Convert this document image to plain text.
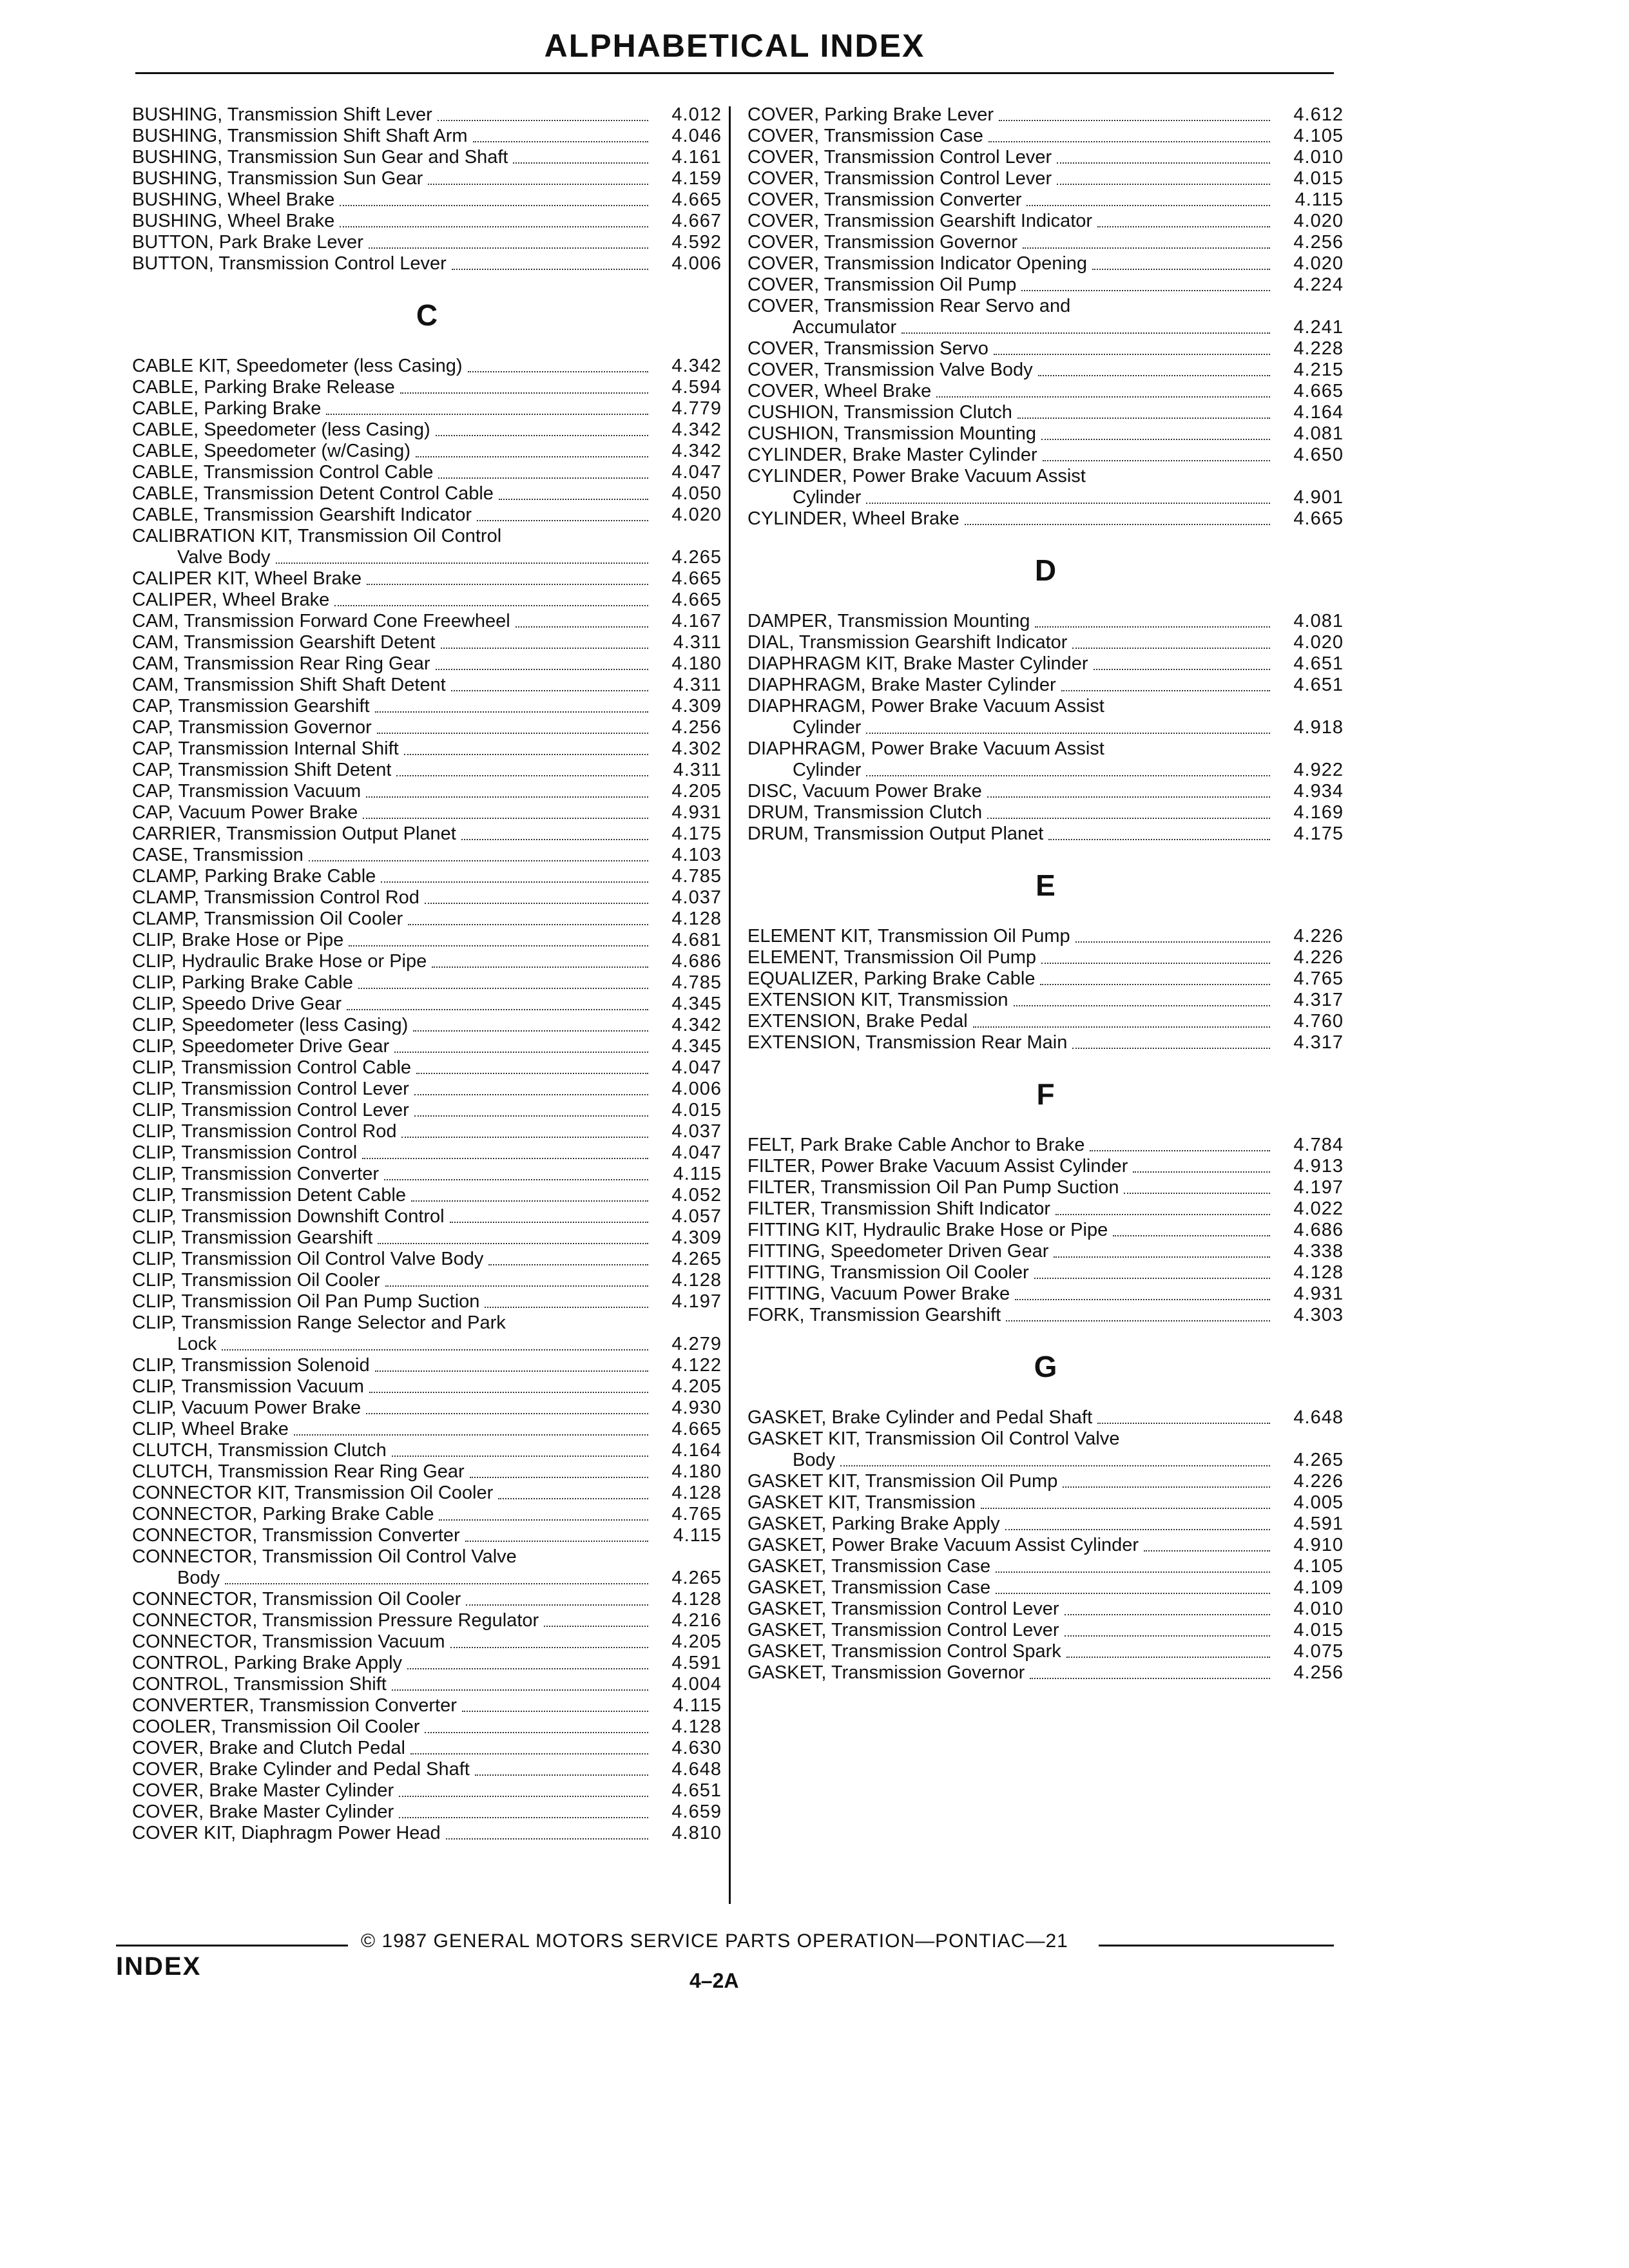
ALPHABETICAL INDEX
BUSHING, Transmission Shift Lever	4.012
BUSHING, Transmission Shift Shaft Arm	4.046
BUSHING, Transmission Sun Gear and Shaft	4.161
BUSHING, Transmission Sun Gear	4.159
BUSHING, Wheel Brake	4.665
BUSHING, Wheel Brake	4.667
BUTTON, Park Brake Lever	4.592
BUTTON, Transmission Control Lever	4.006
C
CABLE KIT, Speedometer (less Casing)	4.342
CABLE, Parking Brake Release	4.594
CABLE, Parking Brake	4.779
CABLE, Speedometer (less Casing)	4.342
CABLE, Speedometer (w/Casing)	4.342
CABLE, Transmission Control Cable	4.047
CABLE, Transmission Detent Control Cable	4.050
CABLE, Transmission Gearshift Indicator	4.020
CALIBRATION KIT, Transmission Oil Control
Valve Body	4.265
CALIPER KIT, Wheel Brake	4.665
CALIPER, Wheel Brake	4.665
CAM, Transmission Forward Cone Freewheel	4.167
CAM, Transmission Gearshift Detent	4.311
CAM, Transmission Rear Ring Gear	4.180
CAM, Transmission Shift Shaft Detent	4.311
CAP, Transmission Gearshift	4.309
CAP, Transmission Governor	4.256
CAP, Transmission Internal Shift	4.302
CAP, Transmission Shift Detent	4.311
CAP, Transmission Vacuum	4.205
CAP, Vacuum Power Brake	4.931
CARRIER, Transmission Output Planet	4.175
CASE, Transmission	4.103
CLAMP, Parking Brake Cable	4.785
CLAMP, Transmission Control Rod	4.037
CLAMP, Transmission Oil Cooler	4.128
CLIP, Brake Hose or Pipe	4.681
CLIP, Hydraulic Brake Hose or Pipe	4.686
CLIP, Parking Brake Cable	4.785
CLIP, Speedo Drive Gear	4.345
CLIP, Speedometer (less Casing)	4.342
CLIP, Speedometer Drive Gear	4.345
CLIP, Transmission Control Cable	4.047
CLIP, Transmission Control Lever	4.006
CLIP, Transmission Control Lever	4.015
CLIP, Transmission Control Rod	4.037
CLIP, Transmission Control	4.047
CLIP, Transmission Converter	4.115
CLIP, Transmission Detent Cable	4.052
CLIP, Transmission Downshift Control	4.057
CLIP, Transmission Gearshift	4.309
CLIP, Transmission Oil Control Valve Body	4.265
CLIP, Transmission Oil Cooler	4.128
CLIP, Transmission Oil Pan Pump Suction	4.197
CLIP, Transmission Range Selector and Park
Lock	4.279
CLIP, Transmission Solenoid	4.122
CLIP, Transmission Vacuum	4.205
CLIP, Vacuum Power Brake	4.930
CLIP, Wheel Brake	4.665
CLUTCH, Transmission Clutch	4.164
CLUTCH, Transmission Rear Ring Gear	4.180
CONNECTOR KIT, Transmission Oil Cooler	4.128
CONNECTOR, Parking Brake Cable	4.765
CONNECTOR, Transmission Converter	4.115
CONNECTOR, Transmission Oil Control Valve
Body	4.265
CONNECTOR, Transmission Oil Cooler	4.128
CONNECTOR, Transmission Pressure Regulator	4.216
CONNECTOR, Transmission Vacuum	4.205
CONTROL, Parking Brake Apply	4.591
CONTROL, Transmission Shift	4.004
CONVERTER, Transmission Converter	4.115
COOLER, Transmission Oil Cooler	4.128
COVER, Brake and Clutch Pedal	4.630
COVER, Brake Cylinder and Pedal Shaft	4.648
COVER, Brake Master Cylinder	4.651
COVER, Brake Master Cylinder	4.659
COVER KIT, Diaphragm Power Head	4.810
COVER, Parking Brake Lever	4.612
COVER, Transmission Case	4.105
COVER, Transmission Control Lever	4.010
COVER, Transmission Control Lever	4.015
COVER, Transmission Converter	4.115
COVER, Transmission Gearshift Indicator	4.020
COVER, Transmission Governor	4.256
COVER, Transmission Indicator Opening	4.020
COVER, Transmission Oil Pump	4.224
COVER, Transmission Rear Servo and
Accumulator	4.241
COVER, Transmission Servo	4.228
COVER, Transmission Valve Body	4.215
COVER, Wheel Brake	4.665
CUSHION, Transmission Clutch	4.164
CUSHION, Transmission Mounting	4.081
CYLINDER, Brake Master Cylinder	4.650
CYLINDER, Power Brake Vacuum Assist
Cylinder	4.901
CYLINDER, Wheel Brake	4.665
D
DAMPER, Transmission Mounting	4.081
DIAL, Transmission Gearshift Indicator	4.020
DIAPHRAGM KIT, Brake Master Cylinder	4.651
DIAPHRAGM, Brake Master Cylinder	4.651
DIAPHRAGM, Power Brake Vacuum Assist
Cylinder	4.918
DIAPHRAGM, Power Brake Vacuum Assist
Cylinder	4.922
DISC, Vacuum Power Brake	4.934
DRUM, Transmission Clutch	4.169
DRUM, Transmission Output Planet	4.175
E
ELEMENT KIT, Transmission Oil Pump	4.226
ELEMENT, Transmission Oil Pump	4.226
EQUALIZER, Parking Brake Cable	4.765
EXTENSION KIT, Transmission	4.317
EXTENSION, Brake Pedal	4.760
EXTENSION, Transmission Rear Main	4.317
F
FELT, Park Brake Cable Anchor to Brake	4.784
FILTER, Power Brake Vacuum Assist Cylinder	4.913
FILTER, Transmission Oil Pan Pump Suction	4.197
FILTER, Transmission Shift Indicator	4.022
FITTING KIT, Hydraulic Brake Hose or Pipe	4.686
FITTING, Speedometer Driven Gear	4.338
FITTING, Transmission Oil Cooler	4.128
FITTING, Vacuum Power Brake	4.931
FORK, Transmission Gearshift	4.303
G
GASKET, Brake Cylinder and Pedal Shaft	4.648
GASKET KIT, Transmission Oil Control Valve
Body	4.265
GASKET KIT, Transmission Oil Pump	4.226
GASKET KIT, Transmission	4.005
GASKET, Parking Brake Apply	4.591
GASKET, Power Brake Vacuum Assist Cylinder	4.910
GASKET, Transmission Case	4.105
GASKET, Transmission Case	4.109
GASKET, Transmission Control Lever	4.010
GASKET, Transmission Control Lever	4.015
GASKET, Transmission Control Spark	4.075
GASKET, Transmission Governor	4.256
© 1987 GENERAL MOTORS SERVICE PARTS OPERATION—PONTIAC—21
INDEX	4–2A
